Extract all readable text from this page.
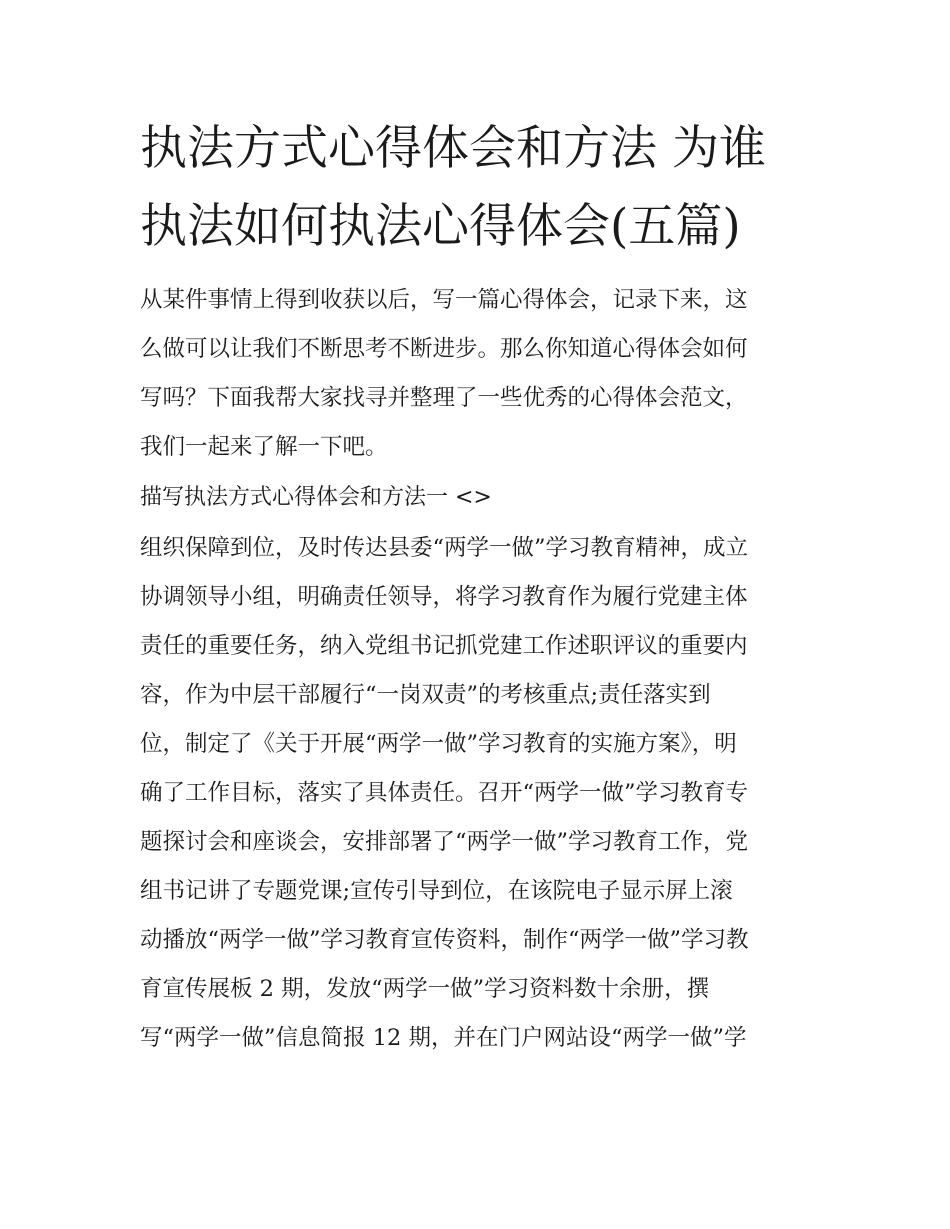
执法方式心得体会和方法 为谁
执法如何执法心得体会(五篇)
从某件事情上得到收获以后，写一篇心得体会，记录下来，这
么做可以让我们不断思考不断进步。那么你知道心得体会如何
写吗？下面我帮大家找寻并整理了一些优秀的心得体会范文，
我们一起来了解一下吧。
描写执法方式心得体会和方法一 <>
组织保障到位，及时传达县委“两学一做”学习教育精神，成立
协调领导小组，明确责任领导，将学习教育作为履行党建主体
责任的重要任务，纳入党组书记抓党建工作述职评议的重要内
容，作为中层干部履行“一岗双责”的考核重点;责任落实到
位，制定了《关于开展“两学一做”学习教育的实施方案》，明
确了工作目标，落实了具体责任。召开“两学一做”学习教育专
题探讨会和座谈会，安排部署了“两学一做”学习教育工作，党
组书记讲了专题党课;宣传引导到位，在该院电子显示屏上滚
动播放“两学一做”学习教育宣传资料，制作“两学一做”学习教
育宣传展板 2 期，发放“两学一做”学习资料数十余册，撰
写“两学一做”信息简报 12 期，并在门户网站设“两学一做”学
